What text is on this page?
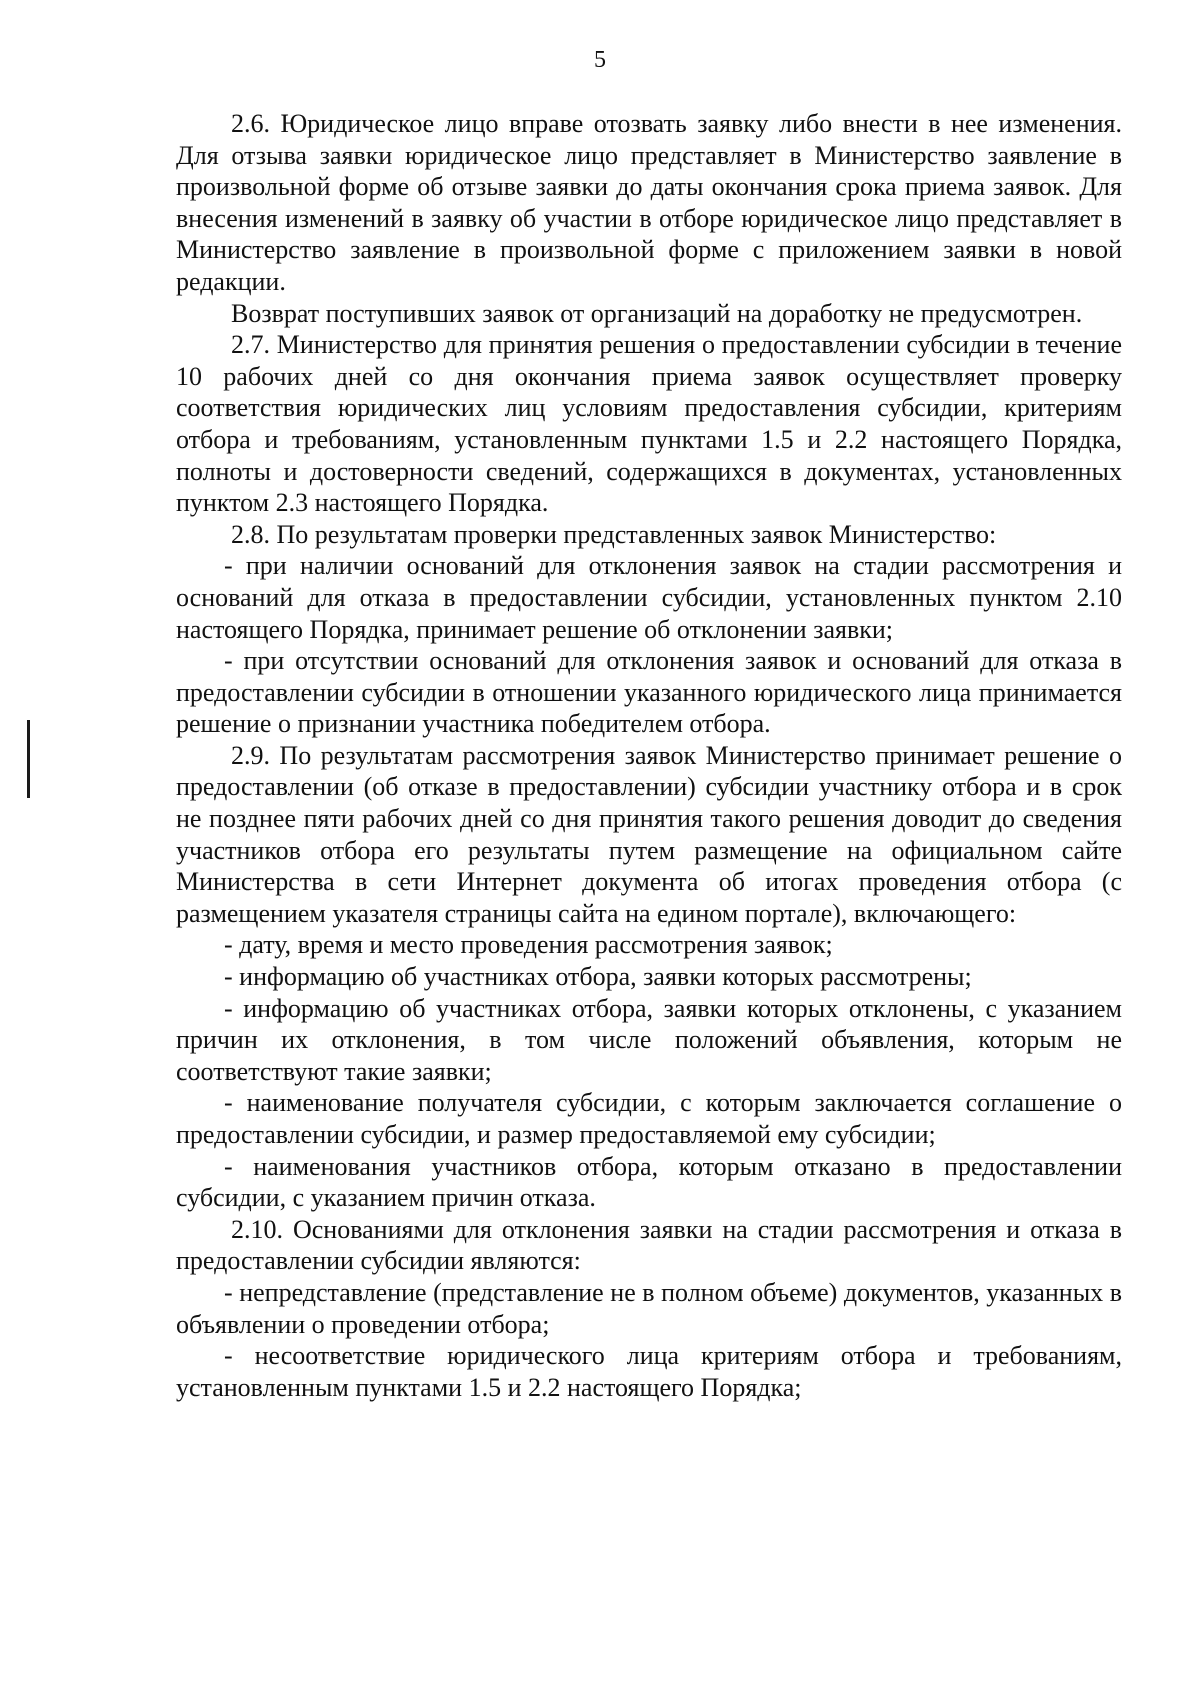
5

2.6. Юридическое лицо вправе отозвать заявку либо внести в нее изменения. Для отзыва заявки юридическое лицо представляет в Министерство заявление в произвольной форме об отзыве заявки до даты окончания срока приема заявок. Для внесения изменений в заявку об участии в отборе юридическое лицо представляет в Министерство заявление в произвольной форме с приложением заявки в новой редакции.

Возврат поступивших заявок от организаций на доработку не предусмотрен.

2.7. Министерство для принятия решения о предоставлении субсидии в течение 10 рабочих дней со дня окончания приема заявок осуществляет проверку соответствия юридических лиц условиям предоставления субсидии, критериям отбора и требованиям, установленным пунктами 1.5 и 2.2 настоящего Порядка, полноты и достоверности сведений, содержащихся в документах, установленных пунктом 2.3 настоящего Порядка.

2.8. По результатам проверки представленных заявок Министерство:

- при наличии оснований для отклонения заявок на стадии рассмотрения и оснований для отказа в предоставлении субсидии, установленных пунктом 2.10 настоящего Порядка, принимает решение об отклонении заявки;

- при отсутствии оснований для отклонения заявок и оснований для отказа в предоставлении субсидии в отношении указанного юридического лица принимается решение о признании участника победителем отбора.

2.9. По результатам рассмотрения заявок Министерство принимает решение о предоставлении (об отказе в предоставлении) субсидии участнику отбора и в срок не позднее пяти рабочих дней со дня принятия такого решения доводит до сведения участников отбора его результаты путем размещение на официальном сайте Министерства в сети Интернет документа об итогах проведения отбора (с размещением указателя страницы сайта на едином портале), включающего:

- дату, время и место проведения рассмотрения заявок;

- информацию об участниках отбора, заявки которых рассмотрены;

- информацию об участниках отбора, заявки которых отклонены, с указанием причин их отклонения, в том числе положений объявления, которым не соответствуют такие заявки;

- наименование получателя субсидии, с которым заключается соглашение о предоставлении субсидии, и размер предоставляемой ему субсидии;

- наименования участников отбора, которым отказано в предоставлении субсидии, с указанием причин отказа.

2.10. Основаниями для отклонения заявки на стадии рассмотрения и отказа в предоставлении субсидии являются:

- непредставление (представление не в полном объеме) документов, указанных в объявлении о проведении отбора;

- несоответствие юридического лица критериям отбора и требованиям, установленным пунктами 1.5 и 2.2 настоящего Порядка;
